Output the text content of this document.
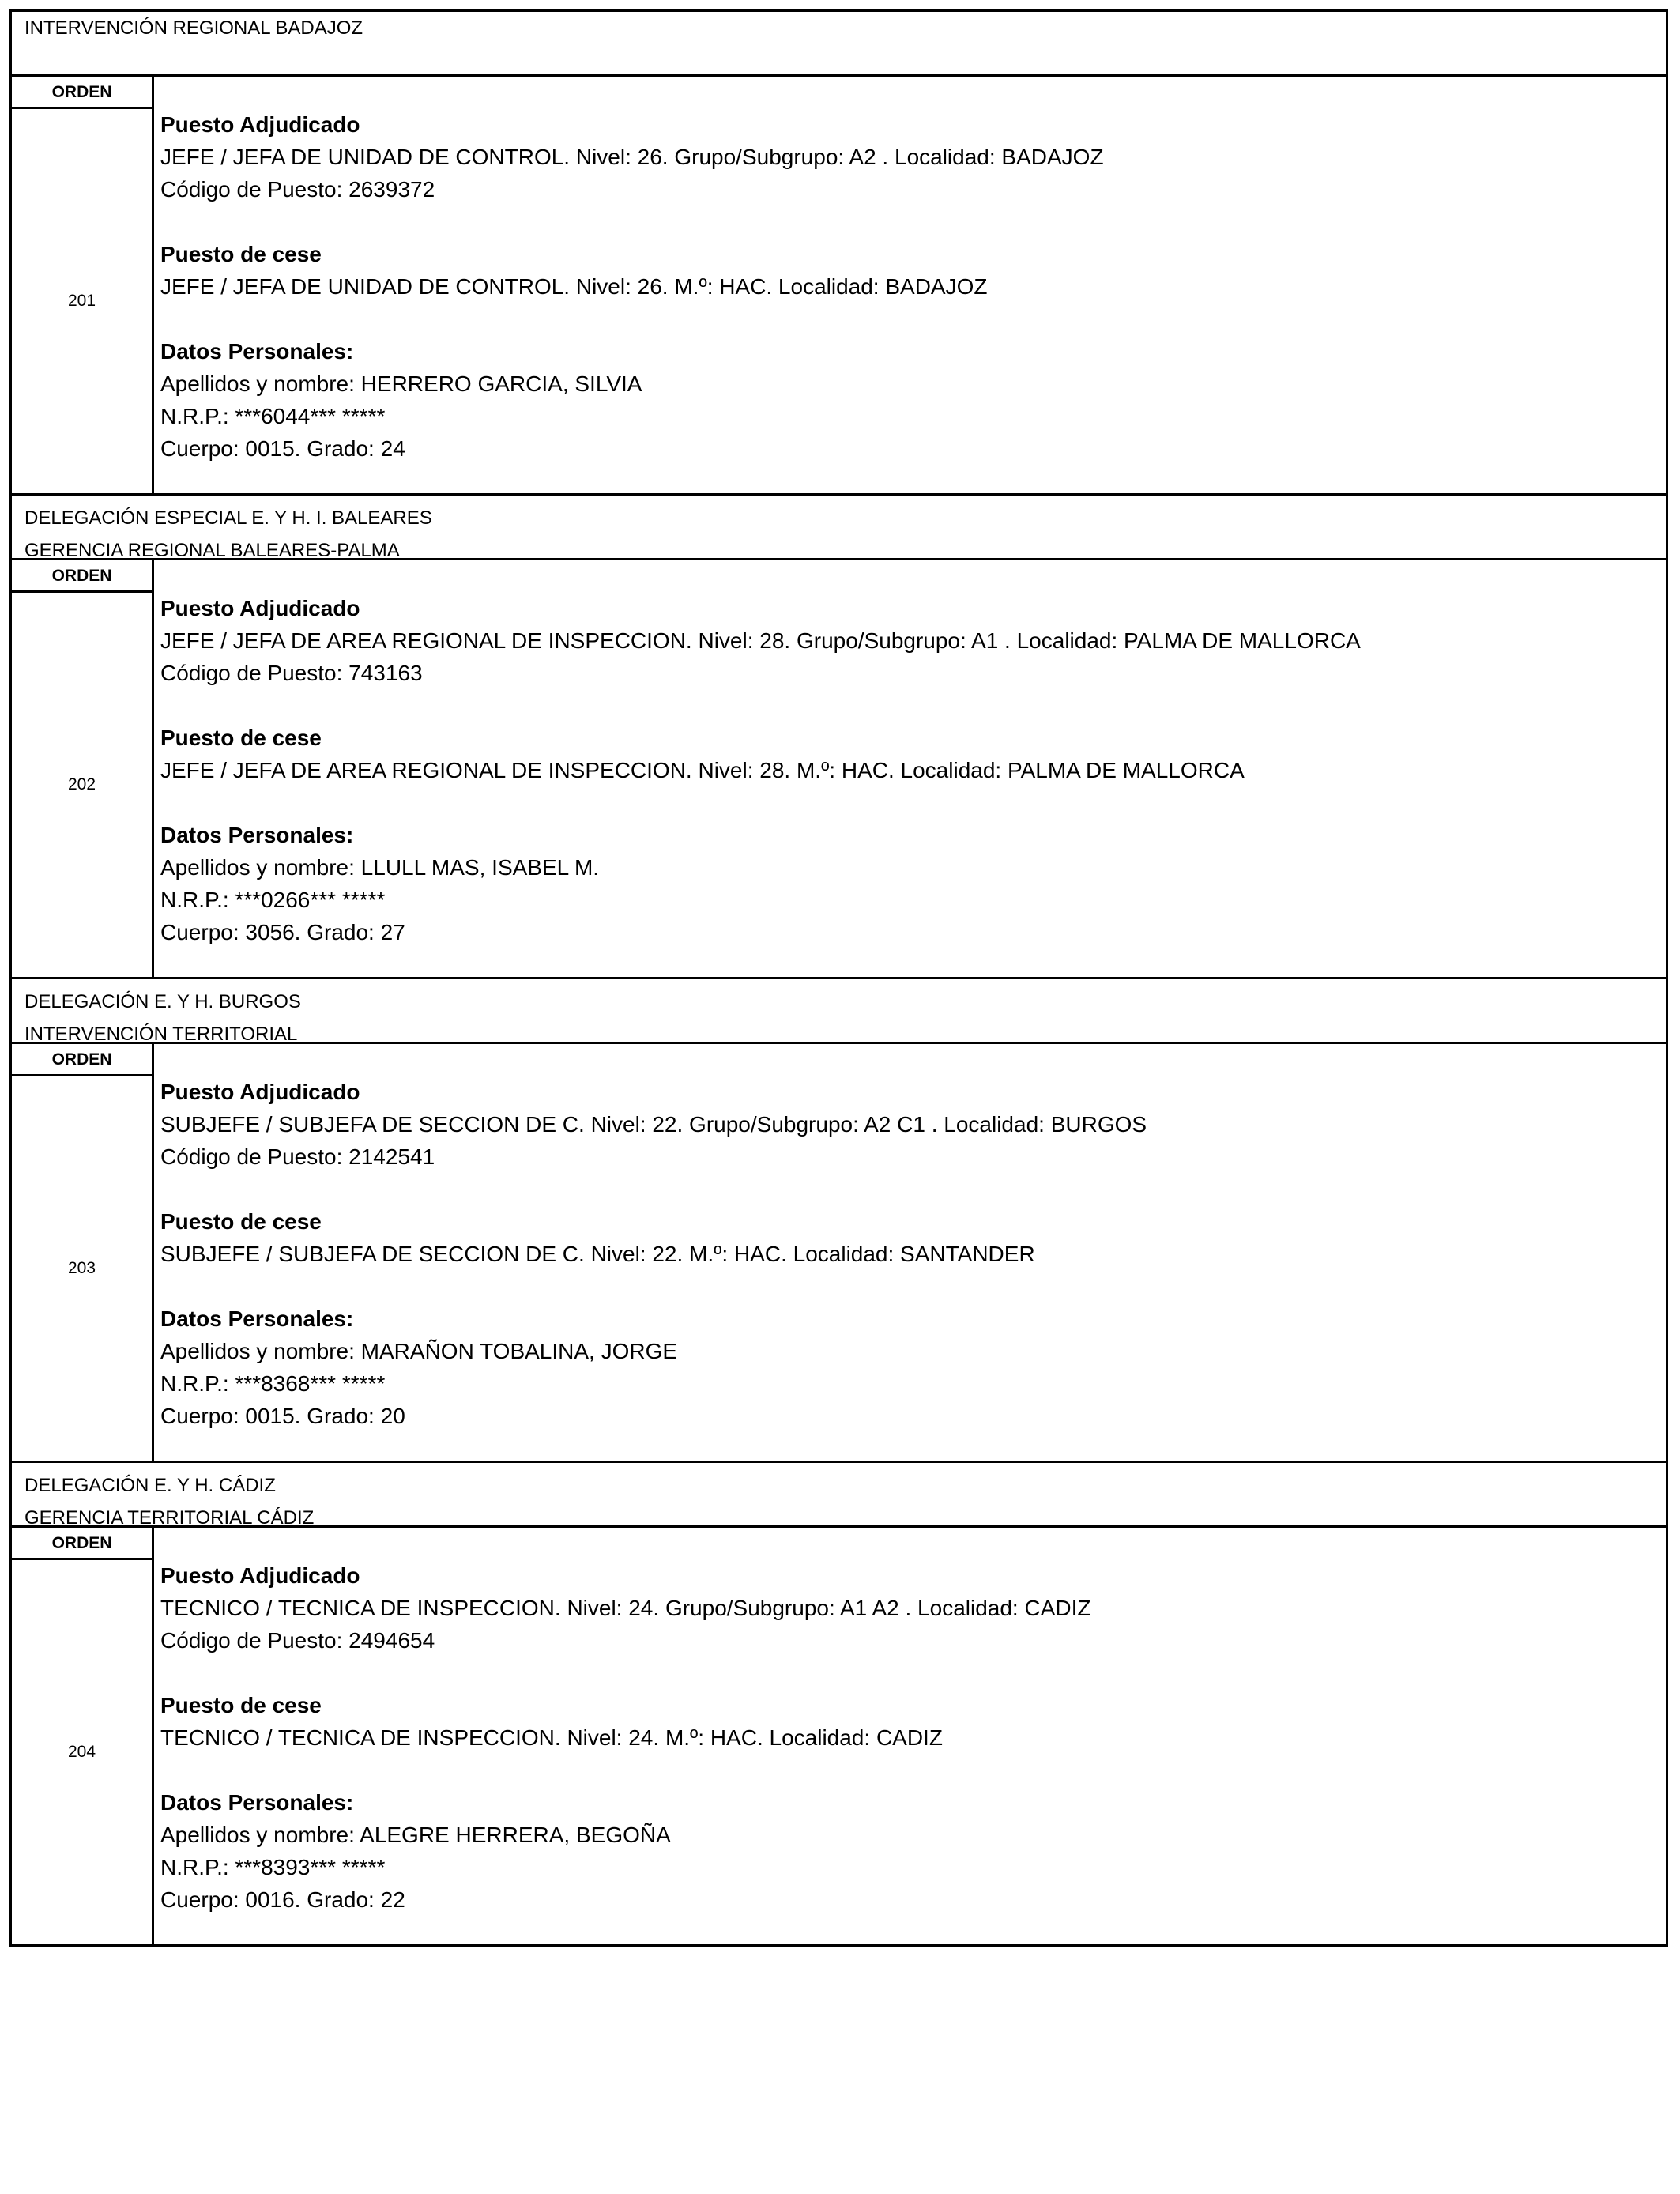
INTERVENCIÓN REGIONAL BADAJOZ
ORDEN
201
Puesto Adjudicado
JEFE / JEFA DE UNIDAD DE CONTROL. Nivel: 26. Grupo/Subgrupo: A2 . Localidad: BADAJOZ
Código de Puesto: 2639372
Puesto de cese
JEFE / JEFA DE UNIDAD DE CONTROL. Nivel: 26. M.º: HAC. Localidad: BADAJOZ
Datos Personales:
Apellidos y nombre: HERRERO GARCIA, SILVIA
N.R.P.: ***6044*** *****
Cuerpo: 0015. Grado: 24
DELEGACIÓN ESPECIAL E. Y H. I. BALEARES
GERENCIA REGIONAL BALEARES-PALMA
ORDEN
202
Puesto Adjudicado
JEFE / JEFA DE AREA REGIONAL DE INSPECCION. Nivel: 28. Grupo/Subgrupo: A1 . Localidad: PALMA DE MALLORCA
Código de Puesto: 743163
Puesto de cese
JEFE / JEFA DE AREA REGIONAL DE INSPECCION. Nivel: 28. M.º: HAC. Localidad: PALMA DE MALLORCA
Datos Personales:
Apellidos y nombre: LLULL MAS, ISABEL M.
N.R.P.: ***0266*** *****
Cuerpo: 3056. Grado: 27
DELEGACIÓN E. Y H. BURGOS
INTERVENCIÓN TERRITORIAL
ORDEN
203
Puesto Adjudicado
SUBJEFE / SUBJEFA DE SECCION DE C. Nivel: 22. Grupo/Subgrupo: A2 C1 . Localidad: BURGOS
Código de Puesto: 2142541
Puesto de cese
SUBJEFE / SUBJEFA DE SECCION DE C. Nivel: 22. M.º: HAC. Localidad: SANTANDER
Datos Personales:
Apellidos y nombre: MARAÑON TOBALINA, JORGE
N.R.P.: ***8368*** *****
Cuerpo: 0015. Grado: 20
DELEGACIÓN E. Y H. CÁDIZ
GERENCIA TERRITORIAL CÁDIZ
ORDEN
204
Puesto Adjudicado
TECNICO / TECNICA DE INSPECCION. Nivel: 24. Grupo/Subgrupo: A1 A2 . Localidad: CADIZ
Código de Puesto: 2494654
Puesto de cese
TECNICO / TECNICA DE INSPECCION. Nivel: 24. M.º: HAC. Localidad: CADIZ
Datos Personales:
Apellidos y nombre: ALEGRE HERRERA, BEGOÑA
N.R.P.: ***8393*** *****
Cuerpo: 0016. Grado: 22
